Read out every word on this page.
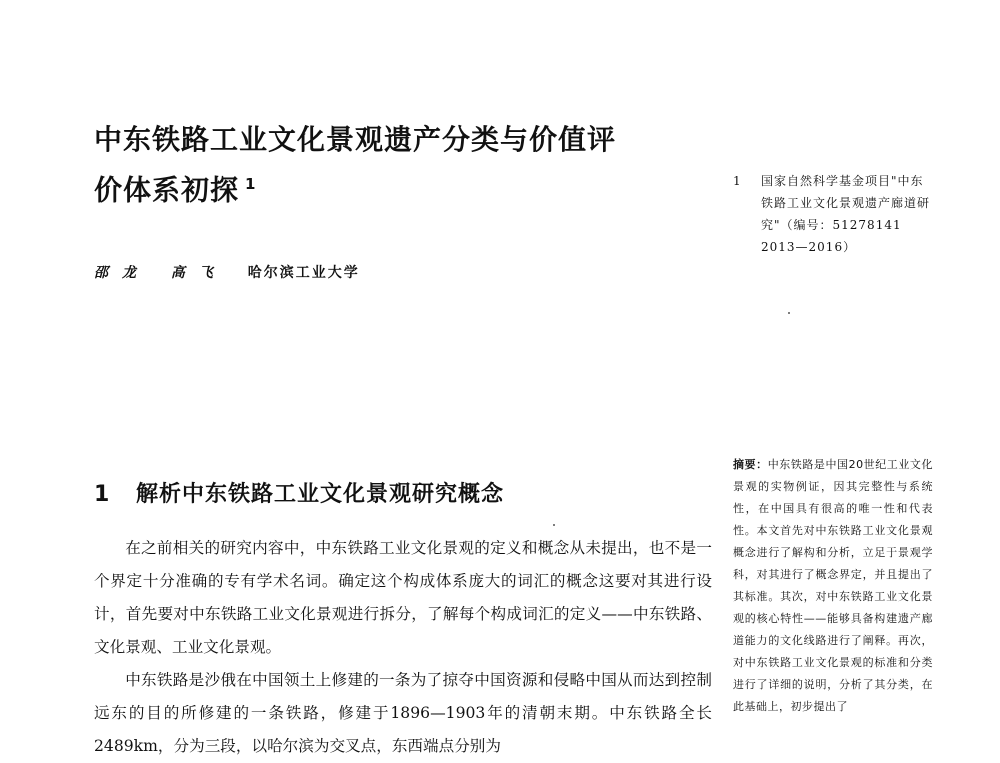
中东铁路工业文化景观遗产分类与价值评
价体系初探 $^1$
邵龙 高飞 哈尔滨工业大学
1 国家自然科学基金项目"中东铁路工业文化景观遗产廊道研究"（编号：51278141 2013—2016）
1 解析中东铁路工业文化景观研究概念

在之前相关的研究内容中，中东铁路工业文化景观的定义和概念从未提出，也不是一个界定十分准确的专有学术名词。确定这个构成体系庞大的词汇的概念这要对其进行设计，首先要对中东铁路工业文化景观进行拆分，了解每个构成词汇的定义——中东铁路、文化景观、工业文化景观。

中东铁路是沙俄在中国领土上修建的一条为了掠夺中国资源和侵略中国从而达到控制远东的目的所修建的一条铁路，修建于1896—1903年的清朝末期。中东铁路全长2489km，分为三段，以哈尔滨为交叉点，东西端点分别为

摘要：中东铁路是中国20世纪工业文化景观的实物例证，因其完整性与系统性，在中国具有很高的唯一性和代表性。本文首先对中东铁路工业文化景观概念进行了解构和分析，立足于景观学科，对其进行了概念界定，并且提出了其标准。其次，对中东铁路工业文化景观的核心特性——能够具备构建遗产廊道能力的文化线路进行了阐释。再次，对中东铁路工业文化景观的标准和分类进行了详细的说明，分析了其分类，在此基础上，初步提出了
